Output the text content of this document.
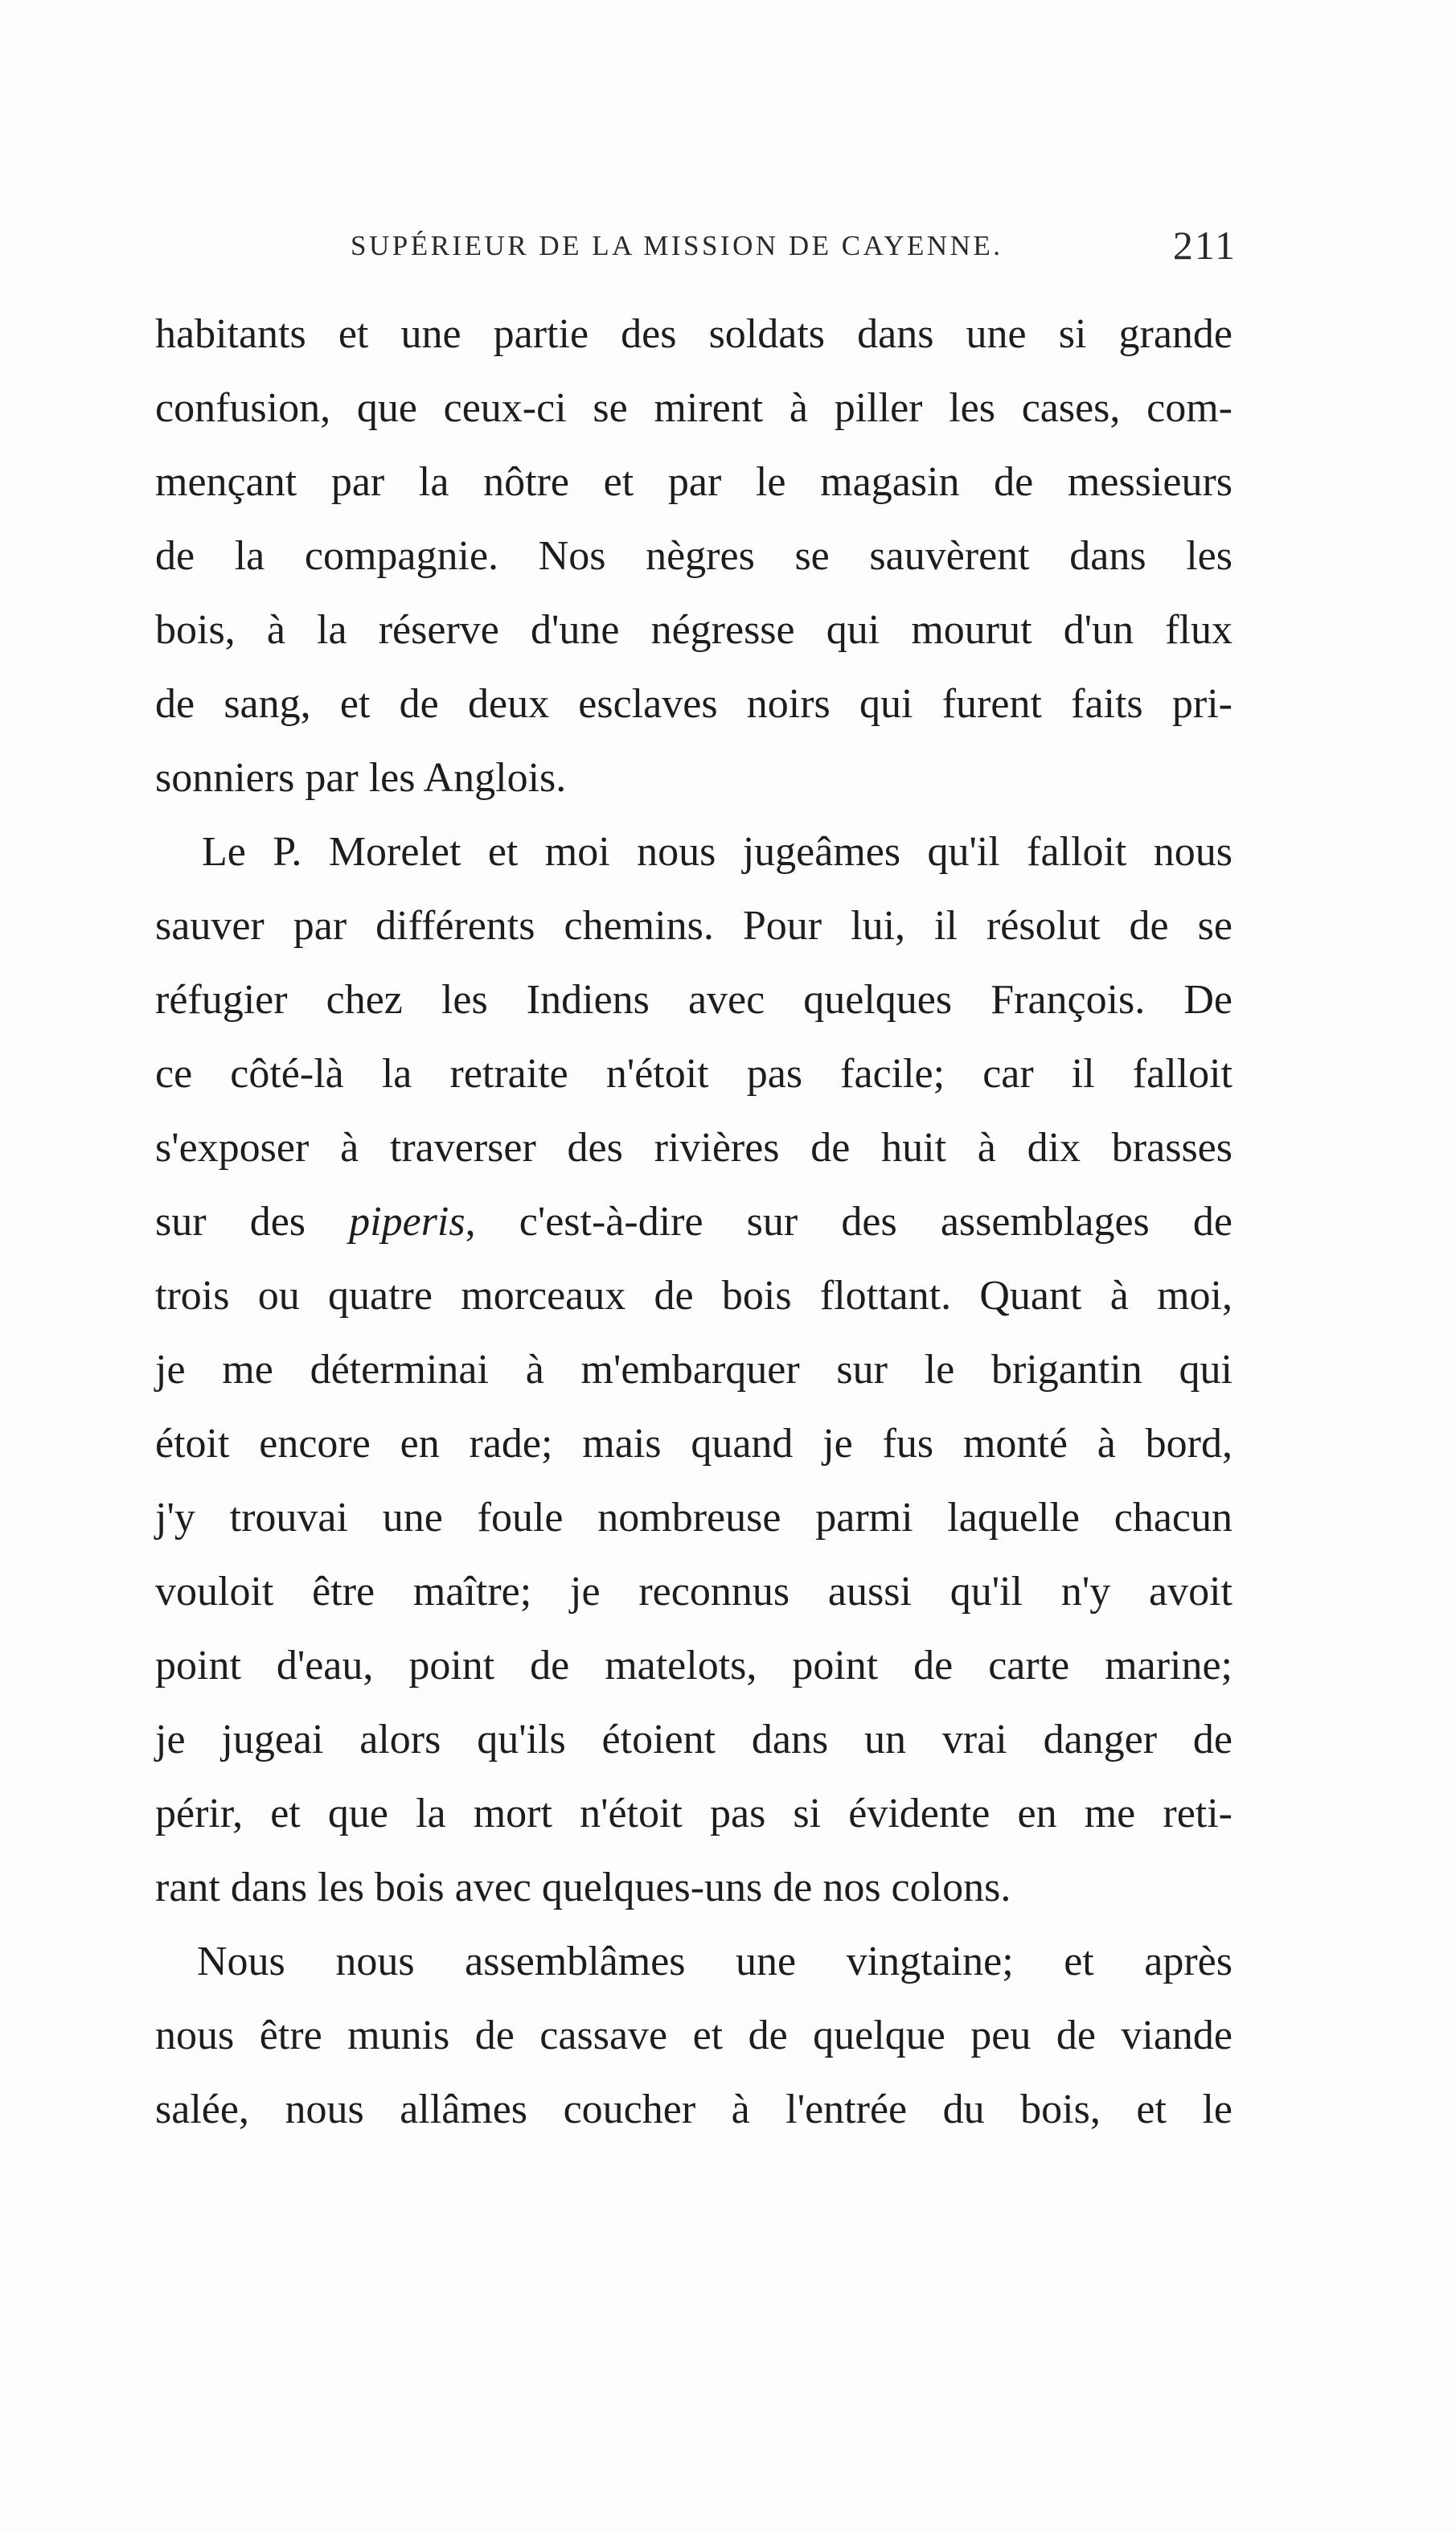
SUPÉRIEUR DE LA MISSION DE CAYENNE.	211
habitants et une partie des soldats dans une si grande
confusion, que ceux-ci se mirent à piller les cases, com-
mençant par la nôtre et par le magasin de messieurs
de la compagnie. Nos nègres se sauvèrent dans les
bois, à la réserve d'une négresse qui mourut d'un flux
de sang, et de deux esclaves noirs qui furent faits pri-
sonniers par les Anglois.
Le P. Morelet et moi nous jugeâmes qu'il falloit nous
sauver par différents chemins. Pour lui, il résolut de se
réfugier chez les Indiens avec quelques François. De
ce côté-là la retraite n'étoit pas facile; car il falloit
s'exposer à traverser des rivières de huit à dix brasses
sur des piperis, c'est-à-dire sur des assemblages de
trois ou quatre morceaux de bois flottant. Quant à moi,
je me déterminai à m'embarquer sur le brigantin qui
étoit encore en rade; mais quand je fus monté à bord,
j'y trouvai une foule nombreuse parmi laquelle chacun
vouloit être maître; je reconnus aussi qu'il n'y avoit
point d'eau, point de matelots, point de carte marine;
je jugeai alors qu'ils étoient dans un vrai danger de
périr, et que la mort n'étoit pas si évidente en me reti-
rant dans les bois avec quelques-uns de nos colons.
Nous nous assemblâmes une vingtaine; et après
nous être munis de cassave et de quelque peu de viande
salée, nous allâmes coucher à l'entrée du bois, et le
